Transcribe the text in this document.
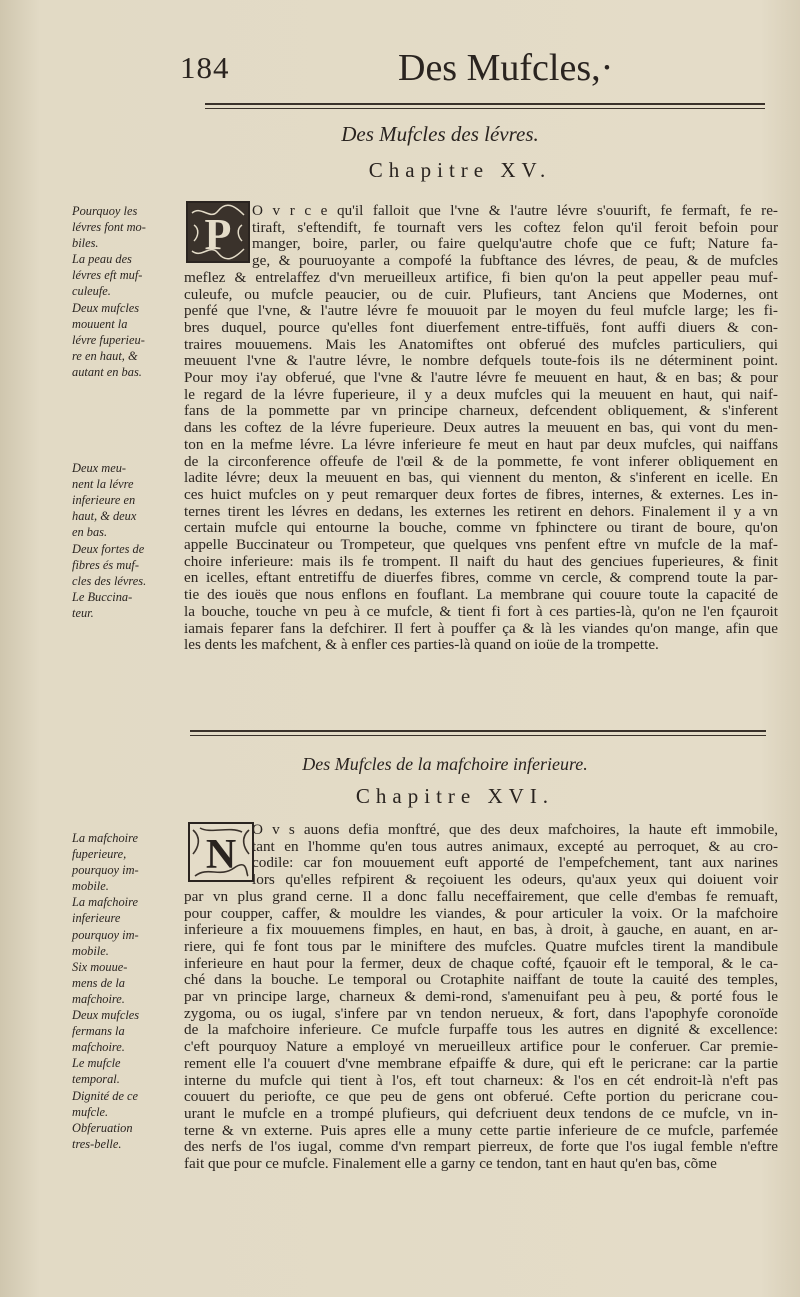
184	Des Mufcles,·
Des Mufcles des lévres.
Chapitre XV.
Pourquoy les
lévres font mo-
biles.
La peau des
lévres eft muf-
culeufe.
Deux mufcles
mouuent la
lévre fuperieu-
re en haut, &
autant en bas.
Deux meu-
nent la lévre
inferieure en
haut, & deux
en bas.
Deux fortes de
fibres és muf-
cles des lévres.
Le Buccina-
teur.
P	O v r c e qu'il falloit que l'vne & l'autre lévre s'ouurift, fe fermaft, fe re-
tiraft, s'eftendift, fe tournaft vers les coftez felon qu'il feroit befoin pour
manger, boire, parler, ou faire quelqu'autre chofe que ce fuft; Nature fa-
ge, & pouruoyante a compofé la fubftance des lévres, de peau, & de mufcles
meflez & entrelaffez d'vn merueilleux artifice, fi bien qu'on la peut appeller peau muf-
culeufe, ou mufcle peaucier, ou de cuir. Plufieurs, tant Anciens que Modernes, ont
penfé que l'vne, & l'autre lévre fe mouuoit par le moyen du feul mufcle large; les fi-
bres duquel, pource qu'elles font diuerfement entre-tiffuës, font auffi diuers & con-
traires mouuemens. Mais les Anatomiftes ont obferué des mufcles particuliers, qui
meuuent l'vne & l'autre lévre, le nombre defquels toute-fois ils ne déterminent point.
Pour moy i'ay obferué, que l'vne & l'autre lévre fe meuuent en haut, & en bas; & pour
le regard de la lévre fuperieure, il y a deux mufcles qui la meuuent en haut, qui naif-
fans de la pommette par vn principe charneux, defcendent obliquement, & s'inferent
dans les coftez de la lévre fuperieure. Deux autres la meuuent en bas, qui vont du men-
ton en la mefme lévre. La lévre inferieure fe meut en haut par deux mufcles, qui naiffans
de la circonference offeufe de l'œil & de la pommette, fe vont inferer obliquement en
ladite lévre; deux la meuuent en bas, qui viennent du menton, & s'inferent en icelle. En
ces huict mufcles on y peut remarquer deux fortes de fibres, internes, & externes. Les in-
ternes tirent les lévres en dedans, les externes les retirent en dehors. Finalement il y a vn
certain mufcle qui entourne la bouche, comme vn fphinctere ou tirant de boure, qu'on
appelle Buccinateur ou Trompeteur, que quelques vns penfent eftre vn mufcle de la maf-
choire inferieure: mais ils fe trompent. Il naift du haut des genciues fuperieures, & finit
en icelles, eftant entretiffu de diuerfes fibres, comme vn cercle, & comprend toute la par-
tie des iouës que nous enflons en fouflant. La membrane qui couure toute la capacité de
la bouche, touche vn peu à ce mufcle, & tient fi fort à ces parties-là, qu'on ne l'en fçauroit
iamais feparer fans la defchirer. Il fert à pouffer ça & là les viandes qu'on mange, afin que
les dents les mafchent, & à enfler ces parties-là quand on ioüe de la trompette.
Des Mufcles de la mafchoire inferieure.
Chapitre XVI.
La mafchoire
fuperieure,
pourquoy im-
mobile.
La mafchoire
inferieure
pourquoy im-
mobile.
Six mouue-
mens de la
mafchoire.
Deux mufcles
fermans la
mafchoire.
Le mufcle
temporal.
Dignité de ce
mufcle.
Obferuation
tres-belle.
N
O v s auons defia monftré, que des deux mafchoires, la haute eft immobile,
tant en l'homme qu'en tous autres animaux, excepté au perroquet, & au cro-
codile: car fon mouuement euft apporté de l'empefchement, tant aux narines
lors qu'elles refpirent & reçoiuent les odeurs, qu'aux yeux qui doiuent voir
par vn plus grand cerne. Il a donc fallu neceffairement, que celle d'embas fe remuaft,
pour coupper, caffer, & mouldre les viandes, & pour articuler la voix. Or la mafchoire
inferieure a fix mouuemens fimples, en haut, en bas, à droit, à gauche, en auant, en ar-
riere, qui fe font tous par le miniftere des mufcles. Quatre mufcles tirent la mandibule
inferieure en haut pour la fermer, deux de chaque cofté, fçauoir eft le temporal, & le ca-
ché dans la bouche. Le temporal ou Crotaphite naiffant de toute la cauité des temples,
par vn principe large, charneux & demi-rond, s'amenuifant peu à peu, & porté fous le
zygoma, ou os iugal, s'infere par vn tendon nerueux, & fort, dans l'apophyfe coronoïde
de la mafchoire inferieure. Ce mufcle furpaffe tous les autres en dignité & excellence:
c'eft pourquoy Nature a employé vn merueilleux artifice pour le conferuer. Car premie-
rement elle l'a couuert d'vne membrane efpaiffe & dure, qui eft le pericrane: car la partie
interne du mufcle qui tient à l'os, eft tout charneux: & l'os en cét endroit-là n'eft pas
couuert du periofte, ce que peu de gens ont obferué. Cefte portion du pericrane cou-
urant le mufcle en a trompé plufieurs, qui defcriuent deux tendons de ce mufcle, vn in-
terne & vn externe. Puis apres elle a muny cette partie inferieure de ce mufcle, parfemée
des nerfs de l'os iugal, comme d'vn rempart pierreux, de forte que l'os iugal femble n'eftre
fait que pour ce mufcle. Finalement elle a garny ce tendon, tant en haut qu'en bas, cõme
